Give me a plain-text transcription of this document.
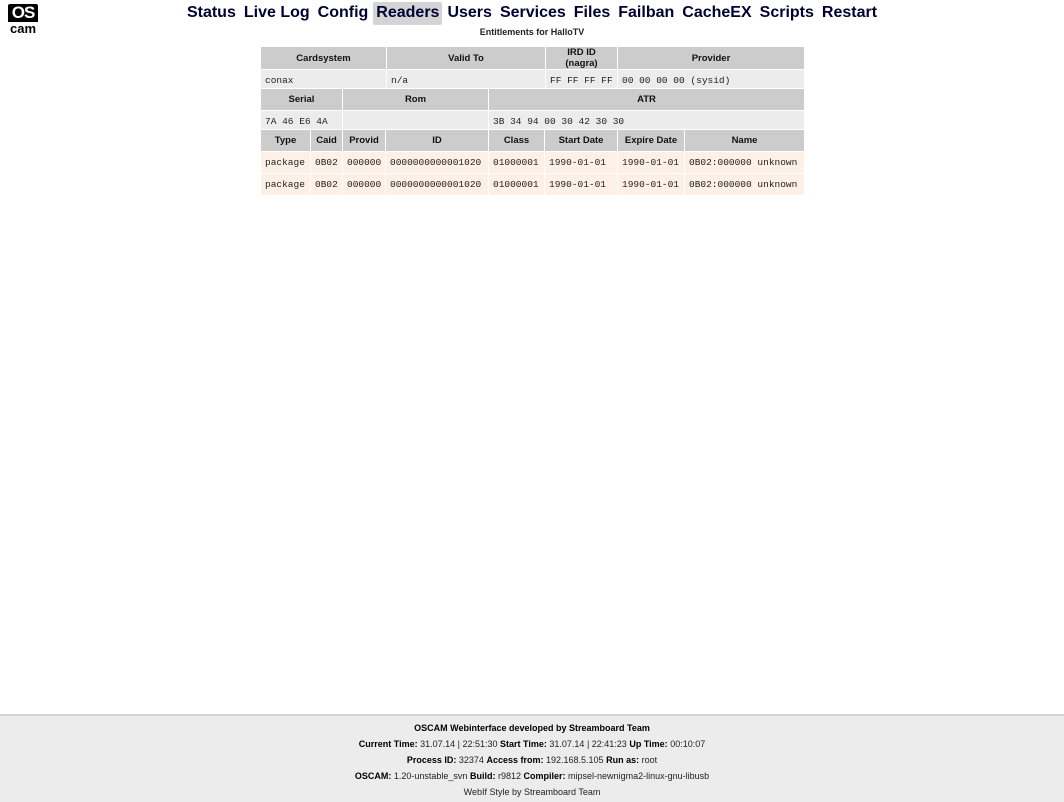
OS
cam
Status Live Log Config Readers Users Services Files Failban CacheEX Scripts Restart
Entitlements for HalloTV
Cardsystem	Valid To	IRD ID (nagra)	Provider
conax	n/a	FF FF FF FF	00 00 00 00 (sysid)
Serial	Rom	ATR
7A 46 E6 4A		3B 34 94 00 30 42 30 30
Type	Caid	Provid	ID	Class	Start Date	Expire Date	Name
package	0B02	000000	0000000000001020	01000001	1990-01-01	1990-01-01	0B02:000000 unknown
package	0B02	000000	0000000000001020	01000001	1990-01-01	1990-01-01	0B02:000000 unknown
OSCAM Webinterface developed by Streamboard Team
Current Time: 31.07.14 | 22:51:30 Start Time: 31.07.14 | 22:41:23 Up Time: 00:10:07
Process ID: 32374 Access from: 192.168.5.105 Run as: root
OSCAM: 1.20-unstable_svn Build: r9812 Compiler: mipsel-newnigma2-linux-gnu-libusb
WebIf Style by Streamboard Team
